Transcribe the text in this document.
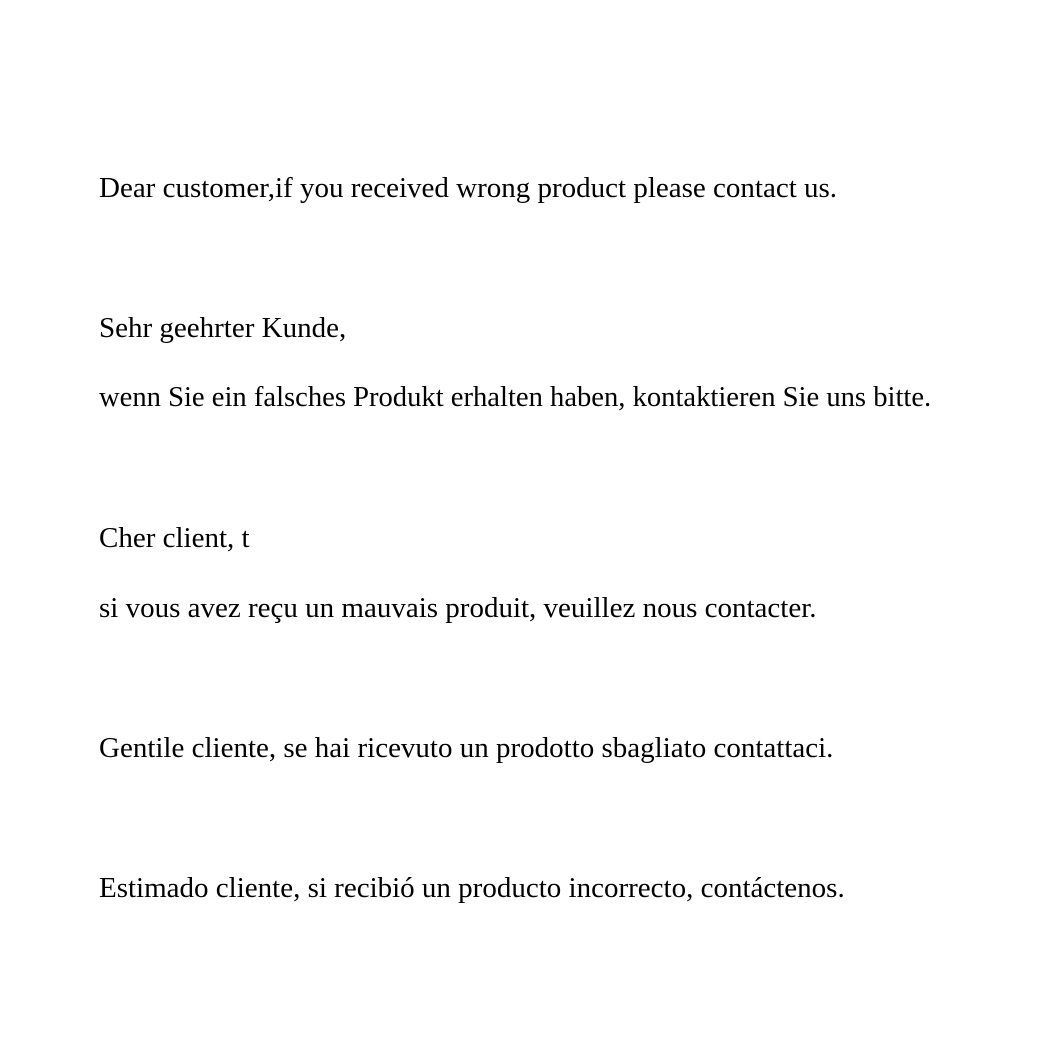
Dear customer,if you received wrong product please contact us.

Sehr geehrter Kunde,

wenn Sie ein falsches Produkt erhalten haben, kontaktieren Sie uns bitte.

Cher client, t

si vous avez reçu un mauvais produit, veuillez nous contacter.

Gentile cliente, se hai ricevuto un prodotto sbagliato contattaci.

Estimado cliente, si recibió un producto incorrecto, contáctenos.
